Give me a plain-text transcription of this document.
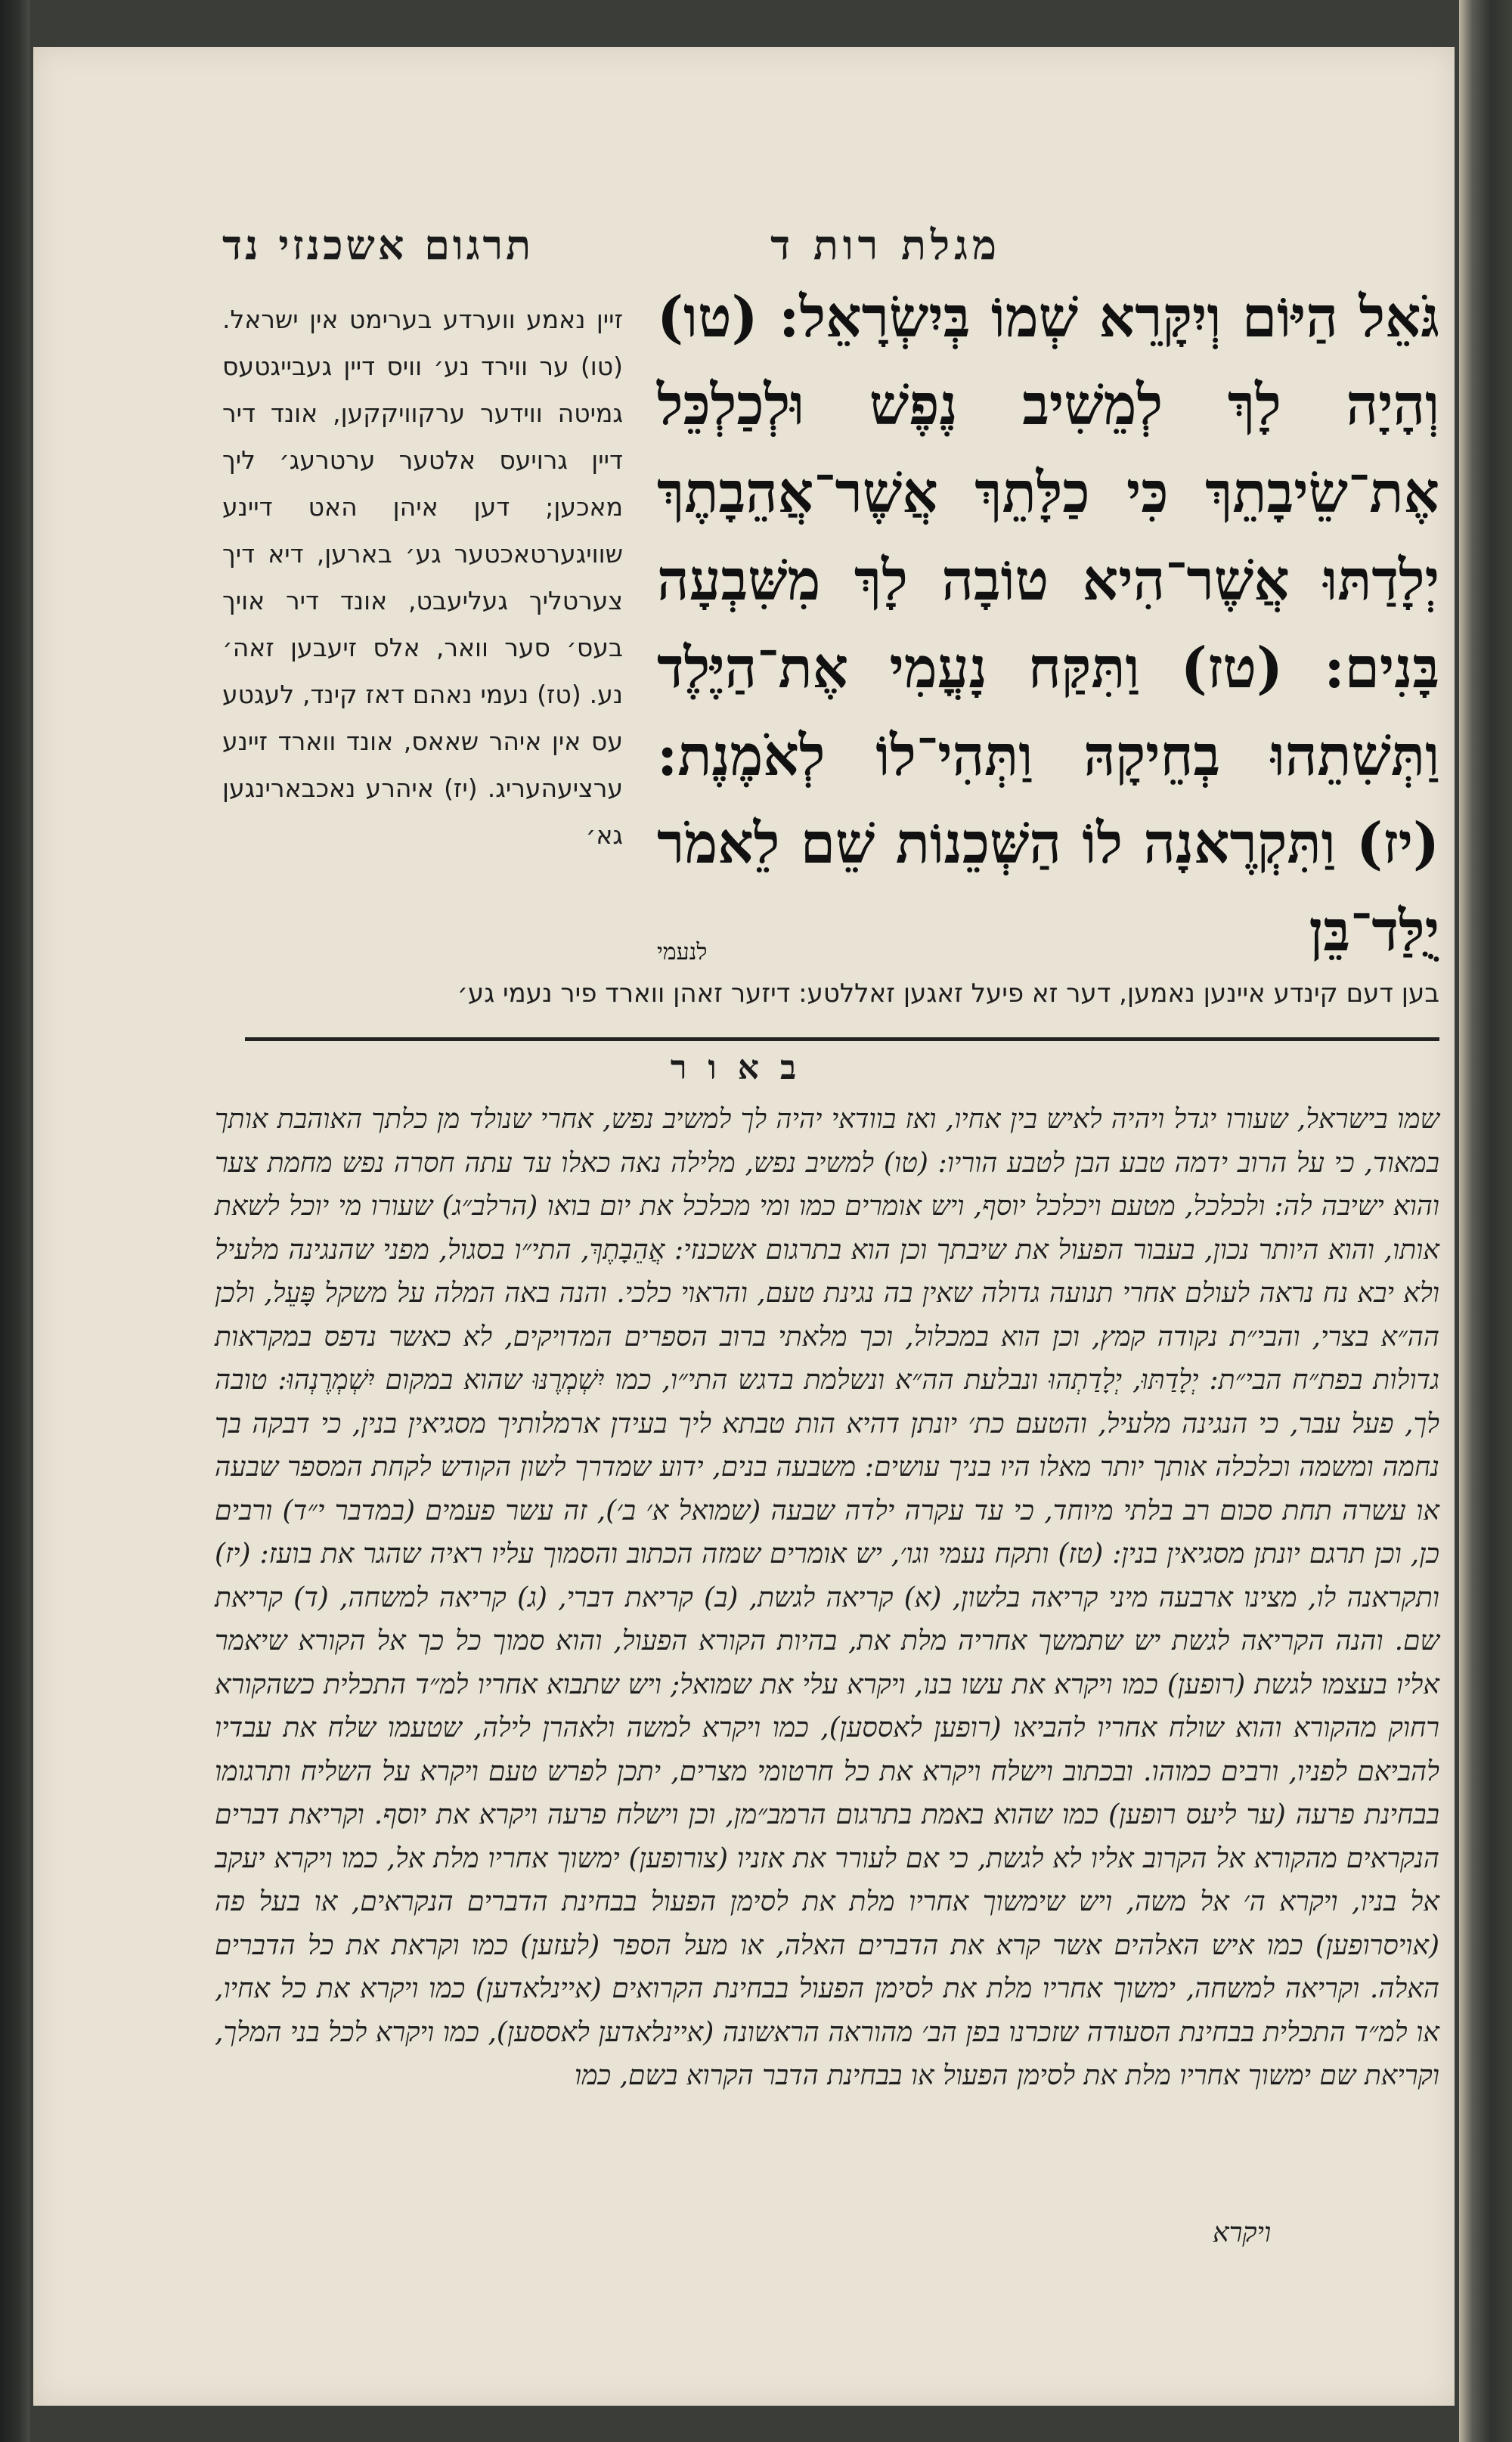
מגלת רות ד
תרגום אשכנזי נד
גֹּאֵל הַיּוֹם וְיִקָּרֵא שְׁמוֹ בְּיִשְׂרָאֵל: (טו) וְהָיָה לָךְ לְמֵשִׁיב נֶפֶשׁ וּלְכַלְכֵּל אֶת־שֵׂיבָתֵךְ כִּי כַלָּתֵךְ אֲשֶׁר־אֲהֵבָתֶךְ יְלָדַתּוּ אֲשֶׁר־הִיא טוֹבָה לָךְ מִשִּׁבְעָה בָּנִים: (טז) וַתִּקַּח נָעֳמִי אֶת־הַיֶּלֶד וַתְּשִׁתֵהוּ בְחֵיקָהּ וַתְּהִי־לוֹ לְאֹמֶנֶת: (יז) וַתִּקְרֶאנָה לוֹ הַשְּׁכֵנוֹת שֵׁם לֵאמֹר יֻלַּד־בֵּן
לנעמי

זיין נאמע ווערדע בערימט אין ישראל. (טו) ער ווירד נע׳ וויס דיין געבייגטעס גמיטה ווידער ערקוויקקען, אונד דיר דיין גרויעס אלטער ערטרעג׳ ליך מאכען; דען איהן האט דיינע שוויגערטאכטער גע׳ בארען, דיא דיך צערטליך געליעבט, אונד דיר אויך בעס׳ סער וואר, אלס זיעבען זאה׳ נע. (טז) נעמי נאהם דאז קינד, לעגטע עס אין איהר שאאס, אונד ווארד זיינע ערציעהעריג. (יז) איהרע נאכבארינגען גא׳

בען דעם קינדע איינען נאמען, דער זא פיעל זאגען זאללטע: דיזער זאהן ווארד פיר נעמי גע׳
באור

שמו בישראל, שעורו יגדל ויהיה לאיש בין אחיו, ואז בוודאי יהיה לך למשיב נפש, אחרי שנולד מן כלתך האוהבת אותך במאוד, כי על הרוב ידמה טבע הבן לטבע הוריו: (טו) למשיב נפש, מלילה נאה כאלו עד עתה חסרה נפש מחמת צער והוא ישיבה לה: ולכלכל, מטעם ויכלכל יוסף, ויש אומרים כמו ומי מכלכל את יום בואו (הרלב״ג) שעורו מי יוכל לשאת אותו, והוא היותר נכון, בעבור הפעול את שיבתך וכן הוא בתרגום אשכנזי: אֲהֵבָתֶךְ, התי״ו בסגול, מפני שהנגינה מלעיל ולא יבא נח נראה לעולם אחרי תנועה גדולה שאין בה נגינת טעם, והראוי כלכי. והנה באה המלה על משקל פָּעֵל, ולכן הה״א בצרי, והבי״ת נקודה קמץ, וכן הוא במכלול, וכך מלאתי ברוב הספרים המדויקים, לא כאשר נדפס במקראות גדולות בפת״ח הבי״ת: יְלָדַתּוּ, יְלָדַתְהוּ ונבלעת הה״א ונשלמת בדגש התי״ו, כמו יִשְׁמְרֶנּוּ שהוא במקום יִשְׁמְרֶנְהוּ: טובה לך, פעל עבר, כי הנגינה מלעיל, והטעם כת׳ יונתן דהיא הות טבתא ליך בעידן ארמלותיך מסגיאין בנין, כי דבקה בך נחמה ומשמה וכלכלה אותך יותר מאלו היו בניך עושים: משבעה בנים, ידוע שמדרך לשון הקודש לקחת המספר שבעה או עשרה תחת סכום רב בלתי מיוחד, כי עד עקרה ילדה שבעה (שמואל א׳ ב׳), זה עשר פעמים (במדבר י״ד) ורבים כן, וכן תרגם יונתן מסגיאין בנין: (טז) ותקח נעמי וגו׳, יש אומרים שמזה הכתוב והסמוך עליו ראיה שהגר את בועז: (יז) ותקראנה לו, מצינו ארבעה מיני קריאה בלשון, (א) קריאה לגשת, (ב) קריאת דברי, (ג) קריאה למשחה, (ד) קריאת שם. והנה הקריאה לגשת יש שתמשך אחריה מלת את, בהיות הקורא הפעול, והוא סמוך כל כך אל הקורא שיאמר אליו בעצמו לגשת (רופען) כמו ויקרא את עשו בנו, ויקרא עלי את שמואל; ויש שתבוא אחריו למ״ד התכלית כשהקורא רחוק מהקורא והוא שולח אחריו להביאו (רופען לאססען), כמו ויקרא למשה ולאהרן לילה, שטעמו שלח את עבדיו להביאם לפניו, ורבים כמוהו. ובכתוב וישלח ויקרא את כל חרטומי מצרים, יתכן לפרש טעם ויקרא על השליח ותרגומו בבחינת פרעה (ער ליעס רופען) כמו שהוא באמת בתרגום הרמב״מן, וכן וישלח פרעה ויקרא את יוסף. וקריאת דברים הנקראים מהקורא אל הקרוב אליו לא לגשת, כי אם לעורר את אזניו (צורופען) ימשוך אחריו מלת אל, כמו ויקרא יעקב אל בניו, ויקרא ה׳ אל משה, ויש שימשוך אחריו מלת את לסימן הפעול בבחינת הדברים הנקראים, או בעל פה (אויסרופען) כמו איש האלהים אשר קרא את הדברים האלה, או מעל הספר (לעזען) כמו וקראת את כל הדברים האלה. וקריאה למשחה, ימשוך אחריו מלת את לסימן הפעול בבחינת הקרואים (איינלאדען) כמו ויקרא את כל אחיו, או למ״ד התכלית בבחינת הסעודה שזכרנו בפן הב׳ מהוראה הראשונה (איינלאדען לאססען), כמו ויקרא לכל בני המלך, וקריאת שם ימשוך אחריו מלת את לסימן הפעול או בבחינת הדבר הקרוא בשם, כמו

ויקרא
